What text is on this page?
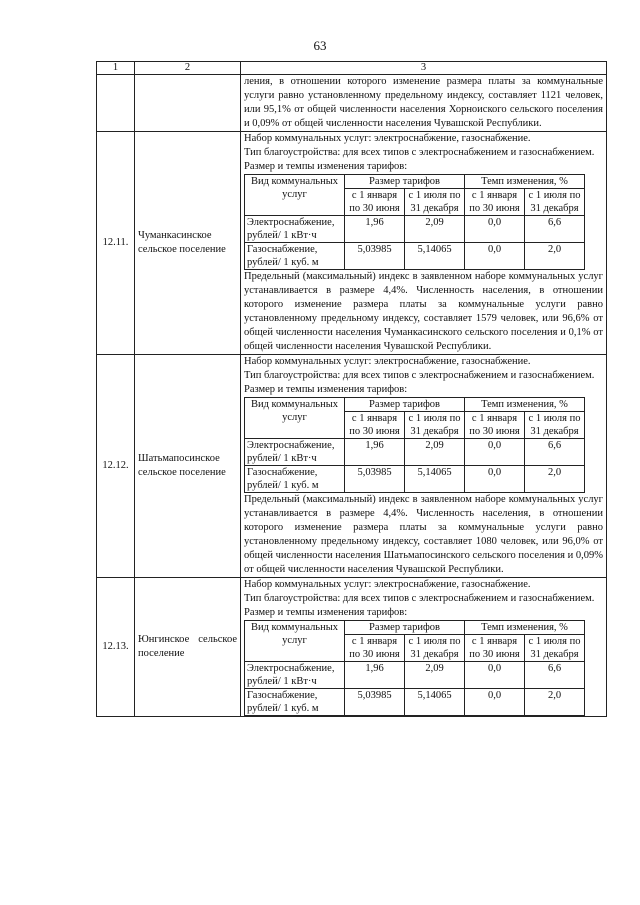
63
1	2	3

ления, в отношении которого изменение размера платы за коммунальные услуги равно установленному предельному индексу, составляет 1121 человек, или 95,1% от общей численности населения Хорноиского сельского поселения и 0,09% от общей численности населения Чувашской Республики.

12.11.	Чуманкасинское сельское поселение	

Набор коммунальных услуг: электроснабжение, газоснабжение.

Тип благоустройства: для всех типов с электроснабжением и газоснабжением.

Размер и темпы изменения тарифов:

Вид коммунальных услуг	Размер тарифов	Темп изменения, %
с 1 января по 30 июня	с 1 июля по 31 декабря	с 1 января по 30 июня	с 1 июля по 31 декабря
Электроснабжение, рублей/ 1 кВт·ч	1,96	2,09	0,0	6,6
Газоснабжение, рублей/ 1 куб. м	5,03985	5,14065	0,0	2,0

Предельный (максимальный) индекс в заявленном наборе коммунальных услуг устанавливается в размере 4,4%. Численность населения, в отношении которого изменение размера платы за коммунальные услуги равно установленному предельному индексу, составляет 1579 человек, или 96,6% от общей численности населения Чуманкасинского сельского поселения и 0,1% от общей численности населения Чувашской Республики.

12.12.	Шатьмапосинское сельское поселение	

Набор коммунальных услуг: электроснабжение, газоснабжение.

Тип благоустройства: для всех типов с электроснабжением и газоснабжением.

Размер и темпы изменения тарифов:

Вид коммунальных услуг	Размер тарифов	Темп изменения, %
с 1 января по 30 июня	с 1 июля по 31 декабря	с 1 января по 30 июня	с 1 июля по 31 декабря
Электроснабжение, рублей/ 1 кВт·ч	1,96	2,09	0,0	6,6
Газоснабжение, рублей/ 1 куб. м	5,03985	5,14065	0,0	2,0

Предельный (максимальный) индекс в заявленном наборе коммунальных услуг устанавливается в размере 4,4%. Численность населения, в отношении которого изменение размера платы за коммунальные услуги равно установленному предельному индексу, составляет 1080 человек, или 96,0% от общей численности населения Шатьмапосинского сельского поселения и 0,09% от общей численности населения Чувашской Республики.

12.13.	Юнгинское сельское поселение	

Набор коммунальных услуг: электроснабжение, газоснабжение.

Тип благоустройства: для всех типов с электроснабжением и газоснабжением.

Размер и темпы изменения тарифов:

Вид коммунальных услуг	Размер тарифов	Темп изменения, %
с 1 января по 30 июня	с 1 июля по 31 декабря	с 1 января по 30 июня	с 1 июля по 31 декабря
Электроснабжение, рублей/ 1 кВт·ч	1,96	2,09	0,0	6,6
Газоснабжение, рублей/ 1 куб. м	5,03985	5,14065	0,0	2,0
